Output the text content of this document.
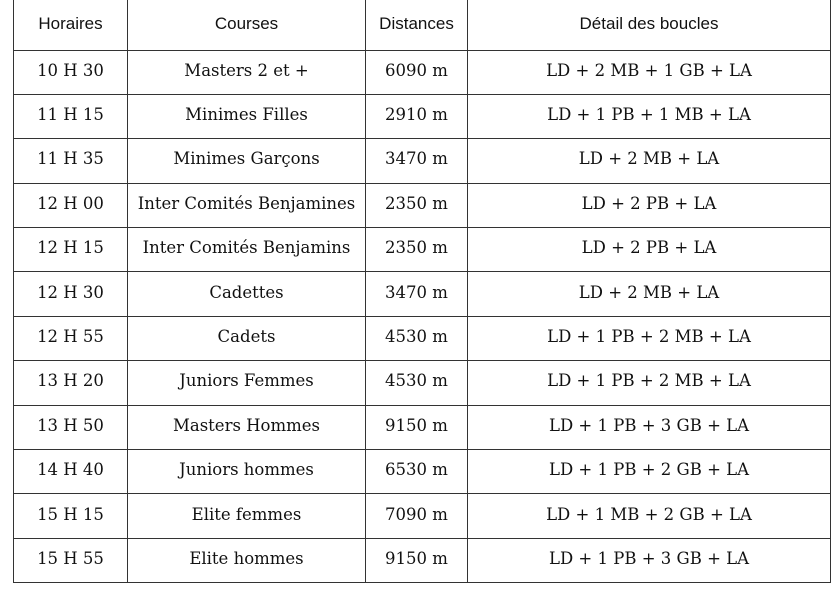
Horaires	Courses	Distances	Détail des boucles
10 H 30	Masters 2 et +	6090 m	LD + 2 MB + 1 GB + LA
11 H 15	Minimes Filles	2910 m	LD + 1 PB + 1 MB + LA
11 H 35	Minimes Garçons	3470 m	LD + 2 MB + LA
12 H 00	Inter Comités Benjamines	2350 m	LD + 2 PB + LA
12 H 15	Inter Comités Benjamins	2350 m	LD + 2 PB + LA
12 H 30	Cadettes	3470 m	LD + 2 MB + LA
12 H 55	Cadets	4530 m	LD + 1 PB + 2 MB + LA
13 H 20	Juniors Femmes	4530 m	LD + 1 PB + 2 MB + LA
13 H 50	Masters Hommes	9150 m	LD + 1 PB + 3 GB + LA
14 H 40	Juniors hommes	6530 m	LD + 1 PB + 2 GB + LA
15 H 15	Elite femmes	7090 m	LD + 1 MB + 2 GB + LA
15 H 55	Elite hommes	9150 m	LD + 1 PB + 3 GB + LA
